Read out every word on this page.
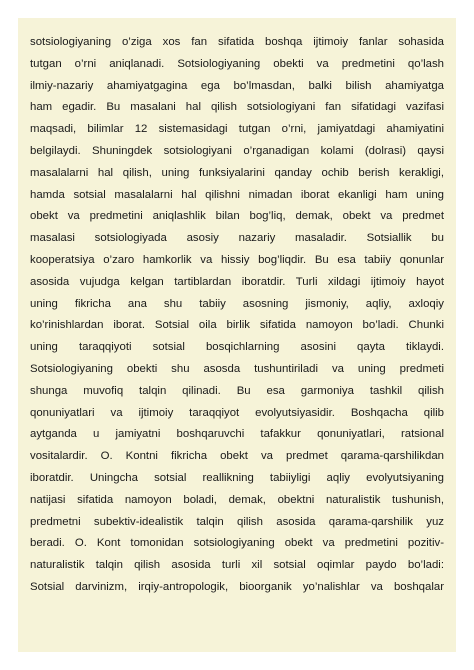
sotsiologiyaning o’ziga xos fan sifatida boshqa ijtimoiy fanlar sohasida
tutgan o’rni aniqlanadi. Sotsiologiyaning obekti va predmetini qo’lash
ilmiy-nazariy ahamiyatgagina ega bo’lmasdan, balki bilish ahamiyatga
ham egadir. Bu masalani hal qilish sotsiologiyani fan sifatidagi vazifasi
maqsadi, bilimlar 12 sistemasidagi tutgan o’rni, jamiyatdagi ahamiyatini
belgilaydi. Shuningdek sotsiologiyani o’rganadigan kolami (dolrasi) qaysi
masalalarni hal qilish, uning funksiyalarini qanday ochib berish kerakligi,
hamda sotsial masalalarni hal qilishni nimadan iborat ekanligi ham uning
obekt va predmetini aniqlashlik bilan bog’liq, demak, obekt va predmet
masalasi sotsiologiyada asosiy nazariy masaladir. Sotsiallik bu
kooperatsiya o’zaro hamkorlik va hissiy bog’liqdir. Bu esa tabiiy qonunlar
asosida vujudga kelgan tartiblardan iboratdir. Turli xildagi ijtimoiy hayot
uning fikricha ana shu tabiiy asosning jismoniy, aqliy, axloqiy
ko’rinishlardan iborat. Sotsial oila birlik sifatida namoyon bo’ladi. Chunki
uning taraqqiyoti sotsial bosqichlarning asosini qayta tiklaydi.
Sotsiologiyaning obekti shu asosda tushuntiriladi va uning predmeti
shunga muvofiq talqin qilinadi. Bu esa garmoniya tashkil qilish
qonuniyatlari va ijtimoiy taraqqiyot evolyutsiyasidir. Boshqacha qilib
aytganda u jamiyatni boshqaruvchi tafakkur qonuniyatlari, ratsional
vositalardir. O. Kontni fikricha obekt va predmet qarama-qarshilikdan
iboratdir. Uningcha sotsial reallikning tabiiyligi aqliy evolyutsiyaning
natijasi sifatida namoyon boladi, demak, obektni naturalistik tushunish,
predmetni subektiv-idealistik talqin qilish asosida qarama-qarshilik yuz
beradi. O. Kont tomonidan sotsiologiyaning obekt va predmetini pozitiv-
naturalistik talqin qilish asosida turli xil sotsial oqimlar paydo bo’ladi:
Sotsial darvinizm, irqiy-antropologik, bioorganik yo’nalishlar va boshqalar
